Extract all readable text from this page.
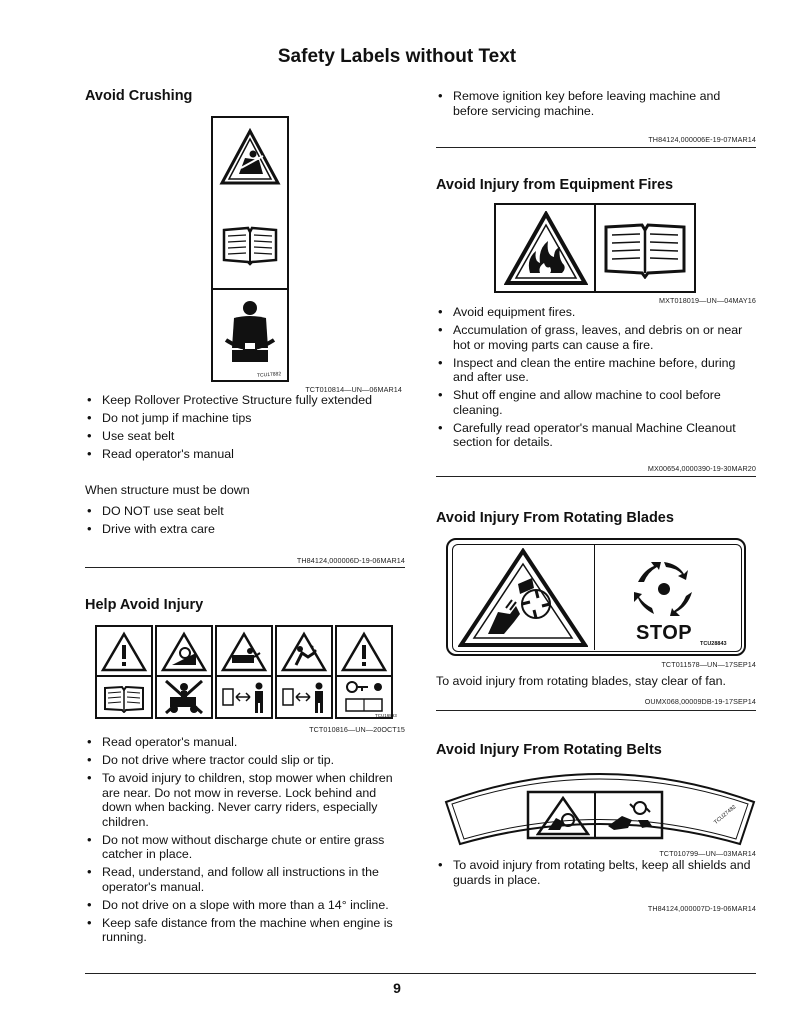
Safety Labels without Text
Avoid Crushing
TCU17882
TCT010814—UN—06MAR14
• Keep Rollover Protective Structure fully extended
• Do not jump if machine tips
• Use seat belt
• Read operator's manual
When structure must be down
• DO NOT use seat belt
• Drive with extra care
TH84124,000006D-19-06MAR14
Help Avoid Injury
TCU16893
TCT010816—UN—20OCT15
• Read operator's manual.
• Do not drive where tractor could slip or tip.
• To avoid injury to children, stop mower when children are near. Do not mow in reverse. Lock behind and down when backing. Never carry riders, especially children.
• Do not mow without discharge chute or entire grass catcher in place.
• Read, understand, and follow all instructions in the operator's manual.
• Do not drive on a slope with more than a 14° incline.
• Keep safe distance from the machine when engine is running.
• Remove ignition key before leaving machine and before servicing machine.
TH84124,000006E-19-07MAR14
Avoid Injury from Equipment Fires
MXT018019—UN—04MAY16
• Avoid equipment fires.
• Accumulation of grass, leaves, and debris on or near hot or moving parts can cause a fire.
• Inspect and clean the entire machine before, during and after use.
• Shut off engine and allow machine to cool before cleaning.
• Carefully read operator's manual Machine Cleanout section for details.
MX00654,0000390-19-30MAR20
Avoid Injury From Rotating Blades
STOP TCU28843
TCT011578—UN—17SEP14
To avoid injury from rotating blades, stay clear of fan.
OUMX068,00009DB-19-17SEP14
Avoid Injury From Rotating Belts
TCU27482
TCT010799—UN—03MAR14
• To avoid injury from rotating belts, keep all shields and guards in place.
TH84124,000007D-19-06MAR14
9
